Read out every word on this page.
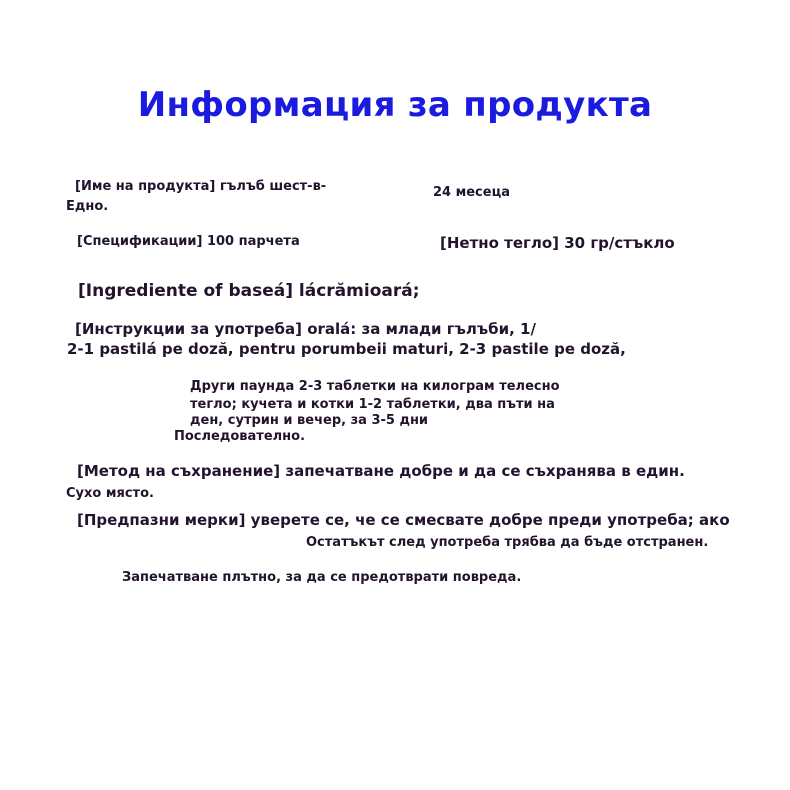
Информация за продукта

[Име на продукта] гълъб шест-в-

Едно.

24 месеца

[Спецификации] 100 парчета	[Нетно тегло] 30 гр/стъкло

[Ingrediente of baseá] lácrămioará;

[Инструкции за употреба] oralá: за млади гълъби, 1/

2-1 pastilá pe doză, pentru porumbeii maturi, 2-3 pastile pe doză,

Други паунда 2-3 таблетки на килограм телесно

тегло; кучета и котки 1-2 таблетки, два пъти на

ден, сутрин и вечер, за 3-5 дни

Последователно.

[Метод на съхранение] запечатване добре и да се съхранява в един.

Сухо място.

[Предпазни мерки] уверете се, че се смесвате добре преди употреба; ако

Остатъкът след употреба трябва да бъде отстранен.

Запечатване плътно, за да се предотврати повреда.
